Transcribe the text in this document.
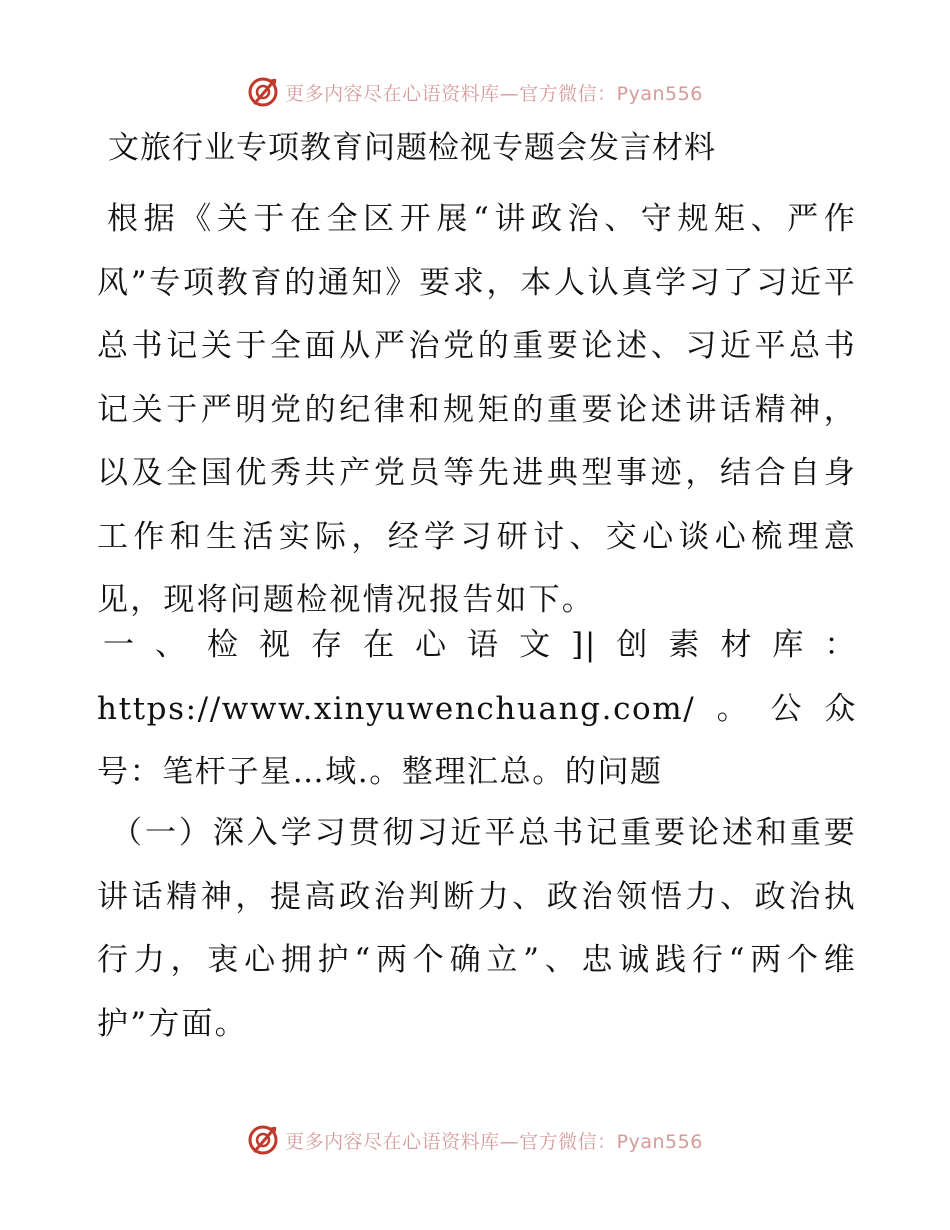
更多内容尽在心语资料库—官方微信：Pyan556
文旅行业专项教育问题检视专题会发言材料

根据《关于在全区开展“讲政治、守规矩、严作风”专项教育的通知》要求，本人认真学习了习近平总书记关于全面从严治党的重要论述、习近平总书记关于严明党的纪律和规矩的重要论述讲话精神，以及全国优秀共产党员等先进典型事迹，结合自身工作和生活实际，经学习研讨、交心谈心梳理意见，现将问题检视情况报告如下。

一、检视存在心语文]|创素材库：https://www.xinyuwenchuang.com/。公众号：笔杆子星…域.。整理汇总。的问题

（一）深入学习贯彻习近平总书记重要论述和重要讲话精神，提高政治判断力、政治领悟力、政治执行力，衷心拥护“两个确立”、忠诚践行“两个维护”方面。

更多内容尽在心语资料库—官方微信：Pyan556
